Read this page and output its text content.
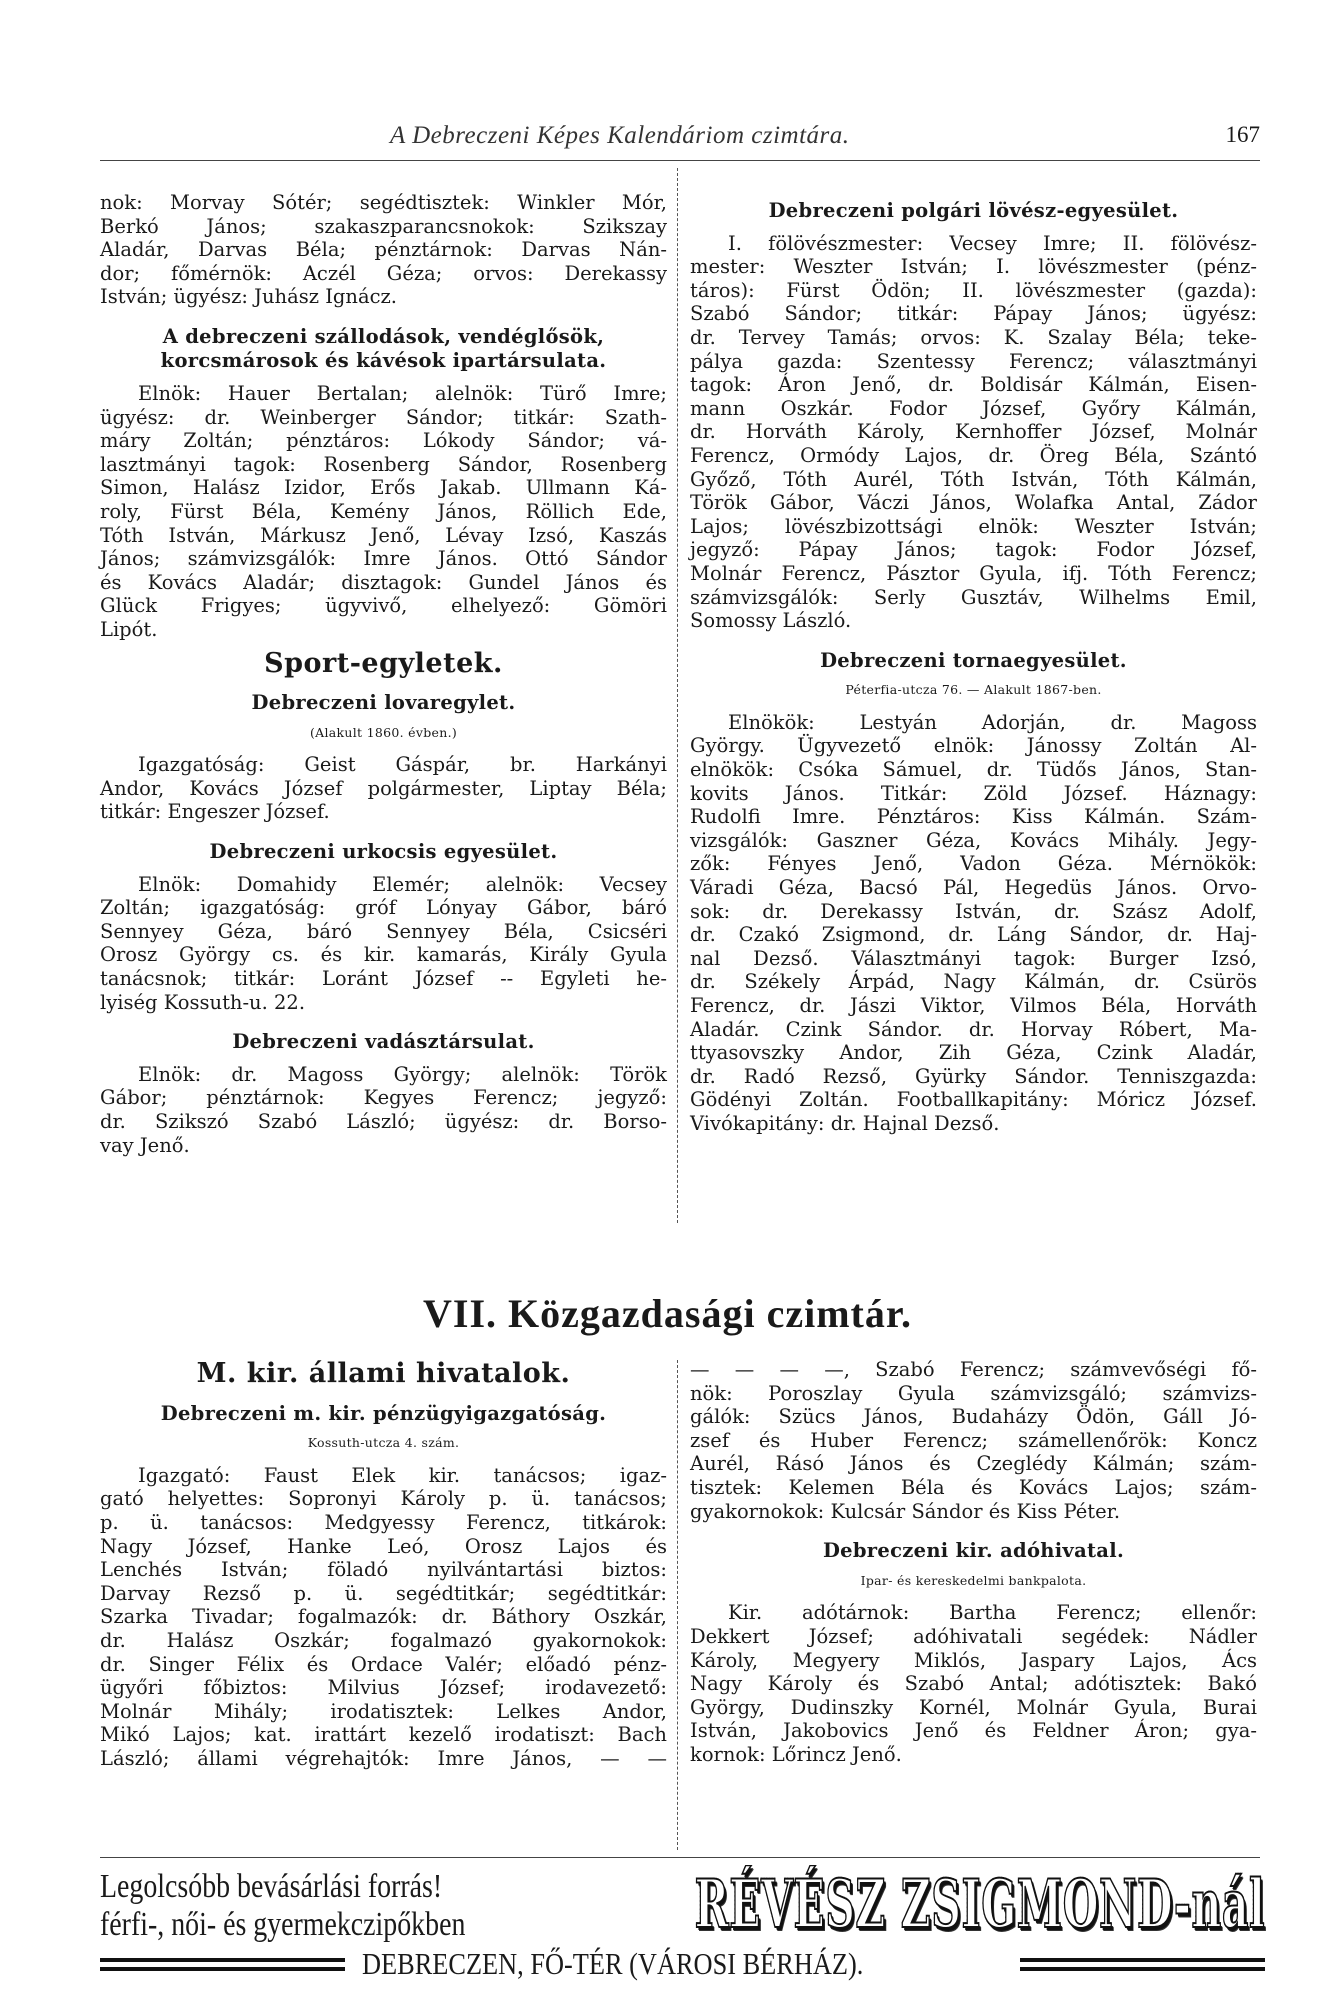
A Debreczeni Képes Kalendáriom czimtára.	167
nok: Morvay Sótér; segédtisztek: Winkler Mór,
Berkó János; szakaszparancsnokok: Szikszay
Aladár, Darvas Béla; pénztárnok: Darvas Nán-
dor; főmérnök: Aczél Géza; orvos: Derekassy
István; ügyész: Juhász Ignácz.
A debreczeni szállodások, vendéglősök,
korcsmárosok és kávésok ipartársulata.
Elnök: Hauer Bertalan; alelnök: Türő Imre;
ügyész: dr. Weinberger Sándor; titkár: Szath-
máry Zoltán; pénztáros: Lókody Sándor; vá-
lasztmányi tagok: Rosenberg Sándor, Rosenberg
Simon, Halász Izidor, Erős Jakab. Ullmann Ká-
roly, Fürst Béla, Kemény János, Röllich Ede,
Tóth István, Márkusz Jenő, Lévay Izsó, Kaszás
János; számvizsgálók: Imre János. Ottó Sándor
és Kovács Aladár; disztagok: Gundel János és
Glück Frigyes; ügyvivő, elhelyező: Gömöri
Lipót.
Sport-egyletek.
Debreczeni lovaregylet.
(Alakult 1860. évben.)
Igazgatóság: Geist Gáspár, br. Harkányi
Andor, Kovács József polgármester, Liptay Béla;
titkár: Engeszer József.
Debreczeni urkocsis egyesület.
Elnök: Domahidy Elemér; alelnök: Vecsey
Zoltán; igazgatóság: gróf Lónyay Gábor, báró
Sennyey Géza, báró Sennyey Béla, Csicséri
Orosz György cs. és kir. kamarás, Király Gyula
tanácsnok; titkár: Loránt József -- Egyleti he-
lyiség Kossuth-u. 22.
Debreczeni vadásztársulat.
Elnök: dr. Magoss György; alelnök: Török
Gábor; pénztárnok: Kegyes Ferencz; jegyző:
dr. Szikszó Szabó László; ügyész: dr. Borso-
vay Jenő.
Debreczeni polgári lövész-egyesület.
I. fölövészmester: Vecsey Imre; II. fölövész-
mester: Weszter István; I. lövészmester (pénz-
táros): Fürst Ödön; II. lövészmester (gazda):
Szabó Sándor; titkár: Pápay János; ügyész:
dr. Tervey Tamás; orvos: K. Szalay Béla; teke-
pálya gazda: Szentessy Ferencz; választmányi
tagok: Áron Jenő, dr. Boldisár Kálmán, Eisen-
mann Oszkár. Fodor József, Győry Kálmán,
dr. Horváth Károly, Kernhoffer József, Molnár
Ferencz, Ormódy Lajos, dr. Öreg Béla, Szántó
Győző, Tóth Aurél, Tóth István, Tóth Kálmán,
Török Gábor, Váczi János, Wolafka Antal, Zádor
Lajos; lövészbizottsági elnök: Weszter István;
jegyző: Pápay János; tagok: Fodor József,
Molnár Ferencz, Pásztor Gyula, ifj. Tóth Ferencz;
számvizsgálók: Serly Gusztáv, Wilhelms Emil,
Somossy László.
Debreczeni tornaegyesület.
Péterfia-utcza 76. — Alakult 1867-ben.
Elnökök: Lestyán Adorján, dr. Magoss
György. Ügyvezető elnök: Jánossy Zoltán Al-
elnökök: Csóka Sámuel, dr. Tüdős János, Stan-
kovits János. Titkár: Zöld József. Háznagy:
Rudolfi Imre. Pénztáros: Kiss Kálmán. Szám-
vizsgálók: Gaszner Géza, Kovács Mihály. Jegy-
zők: Fényes Jenő, Vadon Géza. Mérnökök:
Váradi Géza, Bacsó Pál, Hegedüs János. Orvo-
sok: dr. Derekassy István, dr. Szász Adolf,
dr. Czakó Zsigmond, dr. Láng Sándor, dr. Haj-
nal Dezső. Választmányi tagok: Burger Izsó,
dr. Székely Árpád, Nagy Kálmán, dr. Csürös
Ferencz, dr. Jászi Viktor, Vilmos Béla, Horváth
Aladár. Czink Sándor. dr. Horvay Róbert, Ma-
ttyasovszky Andor, Zih Géza, Czink Aladár,
dr. Radó Rezső, Gyürky Sándor. Tenniszgazda:
Gödényi Zoltán. Footballkapitány: Móricz József.
Vivókapitány: dr. Hajnal Dezső.
VII. Közgazdasági czimtár.
M. kir. állami hivatalok.
Debreczeni m. kir. pénzügyigazgatóság.
Kossuth-utcza 4. szám.
Igazgató: Faust Elek kir. tanácsos; igaz-
gató helyettes: Sopronyi Károly p. ü. tanácsos;
p. ü. tanácsos: Medgyessy Ferencz, titkárok:
Nagy József, Hanke Leó, Orosz Lajos és
Lenchés István; föladó nyilvántartási biztos:
Darvay Rezső p. ü. segédtitkár; segédtitkár:
Szarka Tivadar; fogalmazók: dr. Báthory Oszkár,
dr. Halász Oszkár; fogalmazó gyakornokok:
dr. Singer Félix és Ordace Valér; előadó pénz-
ügyőri főbiztos: Milvius József; irodavezető:
Molnár Mihály; irodatisztek: Lelkes Andor,
Mikó Lajos; kat. irattárt kezelő irodatiszt: Bach
László; állami végrehajtók: Imre János, — —
— — — —, Szabó Ferencz; számvevőségi fő-
nök: Poroszlay Gyula számvizsgáló; számvizs-
gálók: Szücs János, Budaházy Ödön, Gáll Jó-
zsef és Huber Ferencz; számellenőrök: Koncz
Aurél, Rásó János és Czeglédy Kálmán; szám-
tisztek: Kelemen Béla és Kovács Lajos; szám-
gyakornokok: Kulcsár Sándor és Kiss Péter.
Debreczeni kir. adóhivatal.
Ipar- és kereskedelmi bankpalota.
Kir. adótárnok: Bartha Ferencz; ellenőr:
Dekkert József; adóhivatali segédek: Nádler
Károly, Megyery Miklós, Jaspary Lajos, Ács
Nagy Károly és Szabó Antal; adótisztek: Bakó
György, Dudinszky Kornél, Molnár Gyula, Burai
István, Jakobovics Jenő és Feldner Áron; gya-
kornok: Lőrincz Jenő.
Legolcsóbb bevásárlási forrás!
férfi-, női- és gyermekczipőkben	RÉVÉSZ ZSIGMOND-nál
DEBRECZEN, FŐ-TÉR (VÁROSI BÉRHÁZ).
